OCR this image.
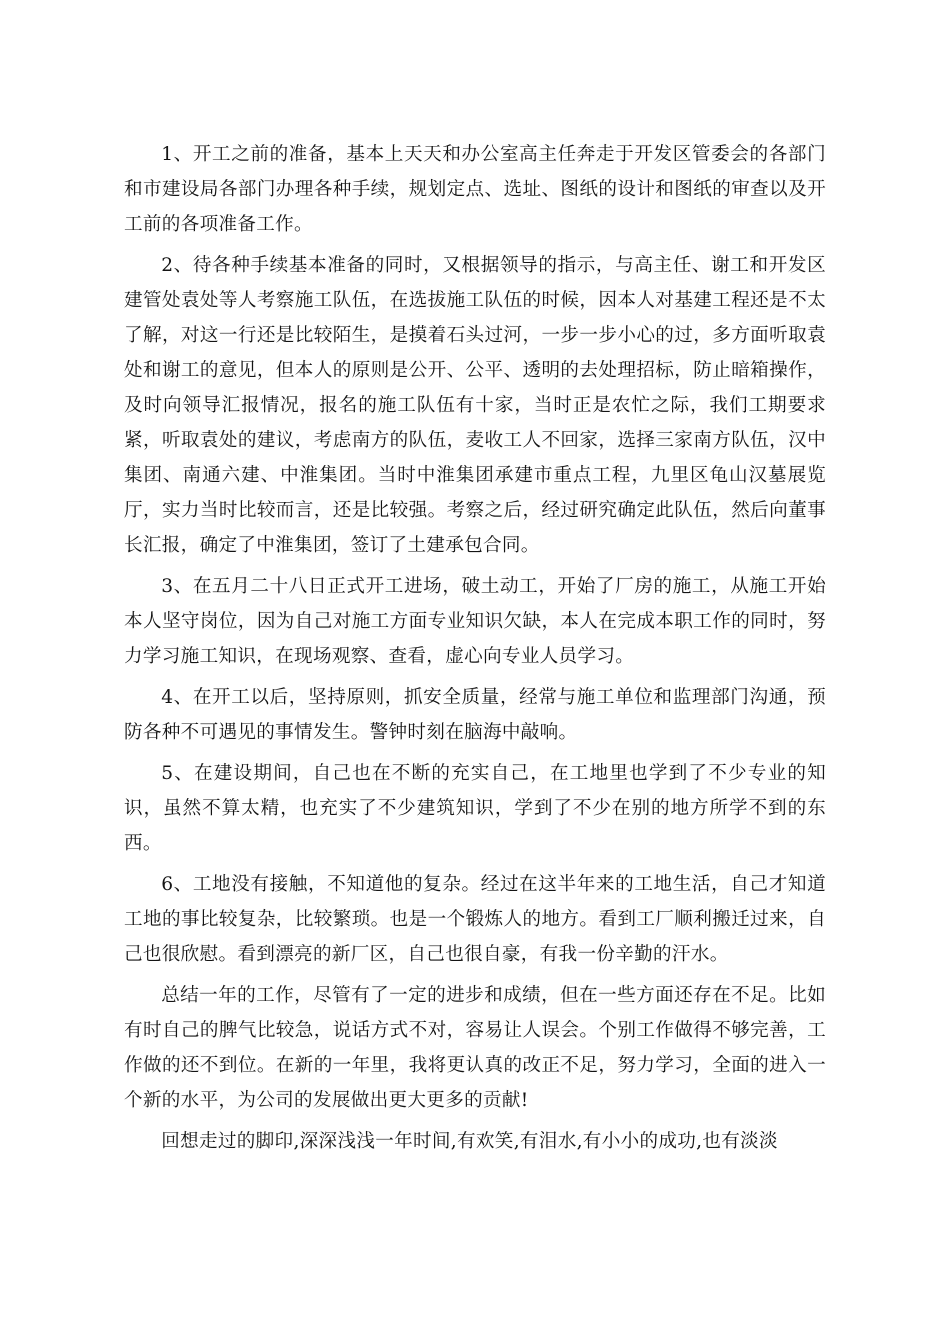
1、开工之前的准备，基本上天天和办公室高主任奔走于开发区管委会的各部门和市建设局各部门办理各种手续，规划定点、选址、图纸的设计和图纸的审查以及开工前的各项准备工作。

2、待各种手续基本准备的同时，又根据领导的指示，与高主任、谢工和开发区建管处袁处等人考察施工队伍，在选拔施工队伍的时候，因本人对基建工程还是不太了解，对这一行还是比较陌生，是摸着石头过河，一步一步小心的过，多方面听取袁处和谢工的意见，但本人的原则是公开、公平、透明的去处理招标，防止暗箱操作，及时向领导汇报情况，报名的施工队伍有十家，当时正是农忙之际，我们工期要求紧，听取袁处的建议，考虑南方的队伍，麦收工人不回家，选择三家南方队伍，汉中集团、南通六建、中淮集团。当时中淮集团承建市重点工程，九里区龟山汉墓展览厅，实力当时比较而言，还是比较强。考察之后，经过研究确定此队伍，然后向董事长汇报，确定了中淮集团，签订了土建承包合同。

3、在五月二十八日正式开工进场，破土动工，开始了厂房的施工，从施工开始本人坚守岗位，因为自己对施工方面专业知识欠缺，本人在完成本职工作的同时，努力学习施工知识，在现场观察、查看，虚心向专业人员学习。

4、在开工以后，坚持原则，抓安全质量，经常与施工单位和监理部门沟通，预防各种不可遇见的事情发生。警钟时刻在脑海中敲响。

5、在建设期间，自己也在不断的充实自己，在工地里也学到了不少专业的知识，虽然不算太精，也充实了不少建筑知识，学到了不少在别的地方所学不到的东西。

6、工地没有接触，不知道他的复杂。经过在这半年来的工地生活，自己才知道工地的事比较复杂，比较繁琐。也是一个锻炼人的地方。看到工厂顺利搬迁过来，自己也很欣慰。看到漂亮的新厂区，自己也很自豪，有我一份辛勤的汗水。

总结一年的工作，尽管有了一定的进步和成绩，但在一些方面还存在不足。比如有时自己的脾气比较急，说话方式不对，容易让人误会。个别工作做得不够完善，工作做的还不到位。在新的一年里，我将更认真的改正不足，努力学习，全面的进入一个新的水平，为公司的发展做出更大更多的贡献!

回想走过的脚印,深深浅浅一年时间,有欢笑,有泪水,有小小的成功,也有淡淡
